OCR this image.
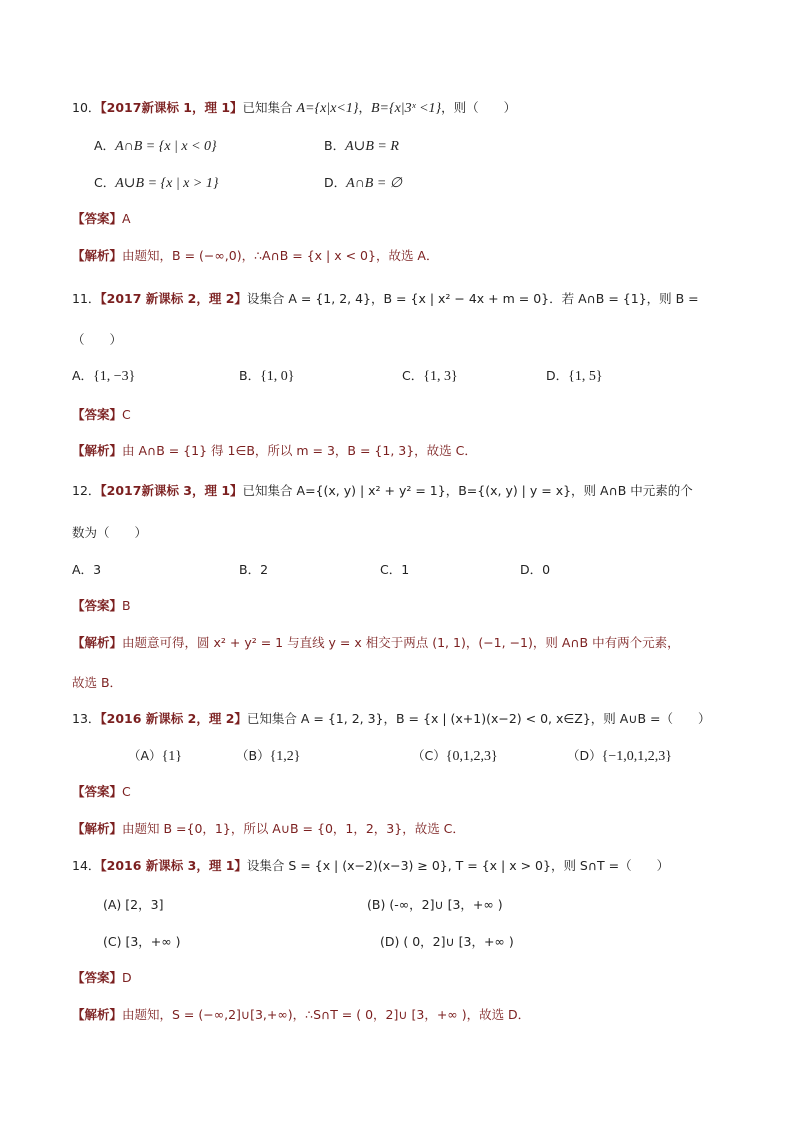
10．【2017新课标 1，理 1】已知集合 A={x|x<1}，B={x|3ˣ <1}，则（　　）
A．A∩B = {x | x < 0}	B．A∪B = R
C．A∪B = {x | x > 1}	D．A∩B = ∅
【答案】A
【解析】由题知，B = (−∞,0)，∴A∩B = {x | x < 0}，故选 A．
11．【2017 新课标 2，理 2】设集合 A = {1, 2, 4}，B = {x | x² − 4x + m = 0}．若 A∩B = {1}，则 B =
（　　）
A．{1, −3}	B．{1, 0}	C．{1, 3}	D．{1, 5}
【答案】C
【解析】由 A∩B = {1} 得 1∈B，所以 m = 3，B = {1, 3}，故选 C．
12．【2017新课标 3，理 1】已知集合 A={(x, y) | x² + y² = 1}，B={(x, y) | y = x}，则 A∩B 中元素的个
数为（　　）
A．3	B．2	C．1	D．0
【答案】B
【解析】由题意可得，圆 x² + y² = 1 与直线 y = x 相交于两点 (1, 1)，(−1, −1)，则 A∩B 中有两个元素，
故选 B．
13．【2016 新课标 2，理 2】已知集合 A = {1, 2, 3}，B = {x | (x+1)(x−2) < 0, x∈Z}，则 A∪B =（　　）
（A）{1}	（B）{1,2}	（C）{0,1,2,3}	（D）{−1,0,1,2,3}
【答案】C
【解析】由题知 B ={0，1}，所以 A∪B = {0，1，2，3}，故选 C．
14．【2016 新课标 3，理 1】设集合 S = {x | (x−2)(x−3) ≥ 0}, T = {x | x > 0}，则 S∩T =（　　）
(A) [2，3]	(B) (-∞，2]∪ [3，+∞ )
(C) [3，+∞ )	(D) ( 0，2]∪ [3，+∞ )
【答案】D
【解析】由题知，S = (−∞,2]∪[3,+∞)，∴S∩T = ( 0，2]∪ [3，+∞ )，故选 D．
